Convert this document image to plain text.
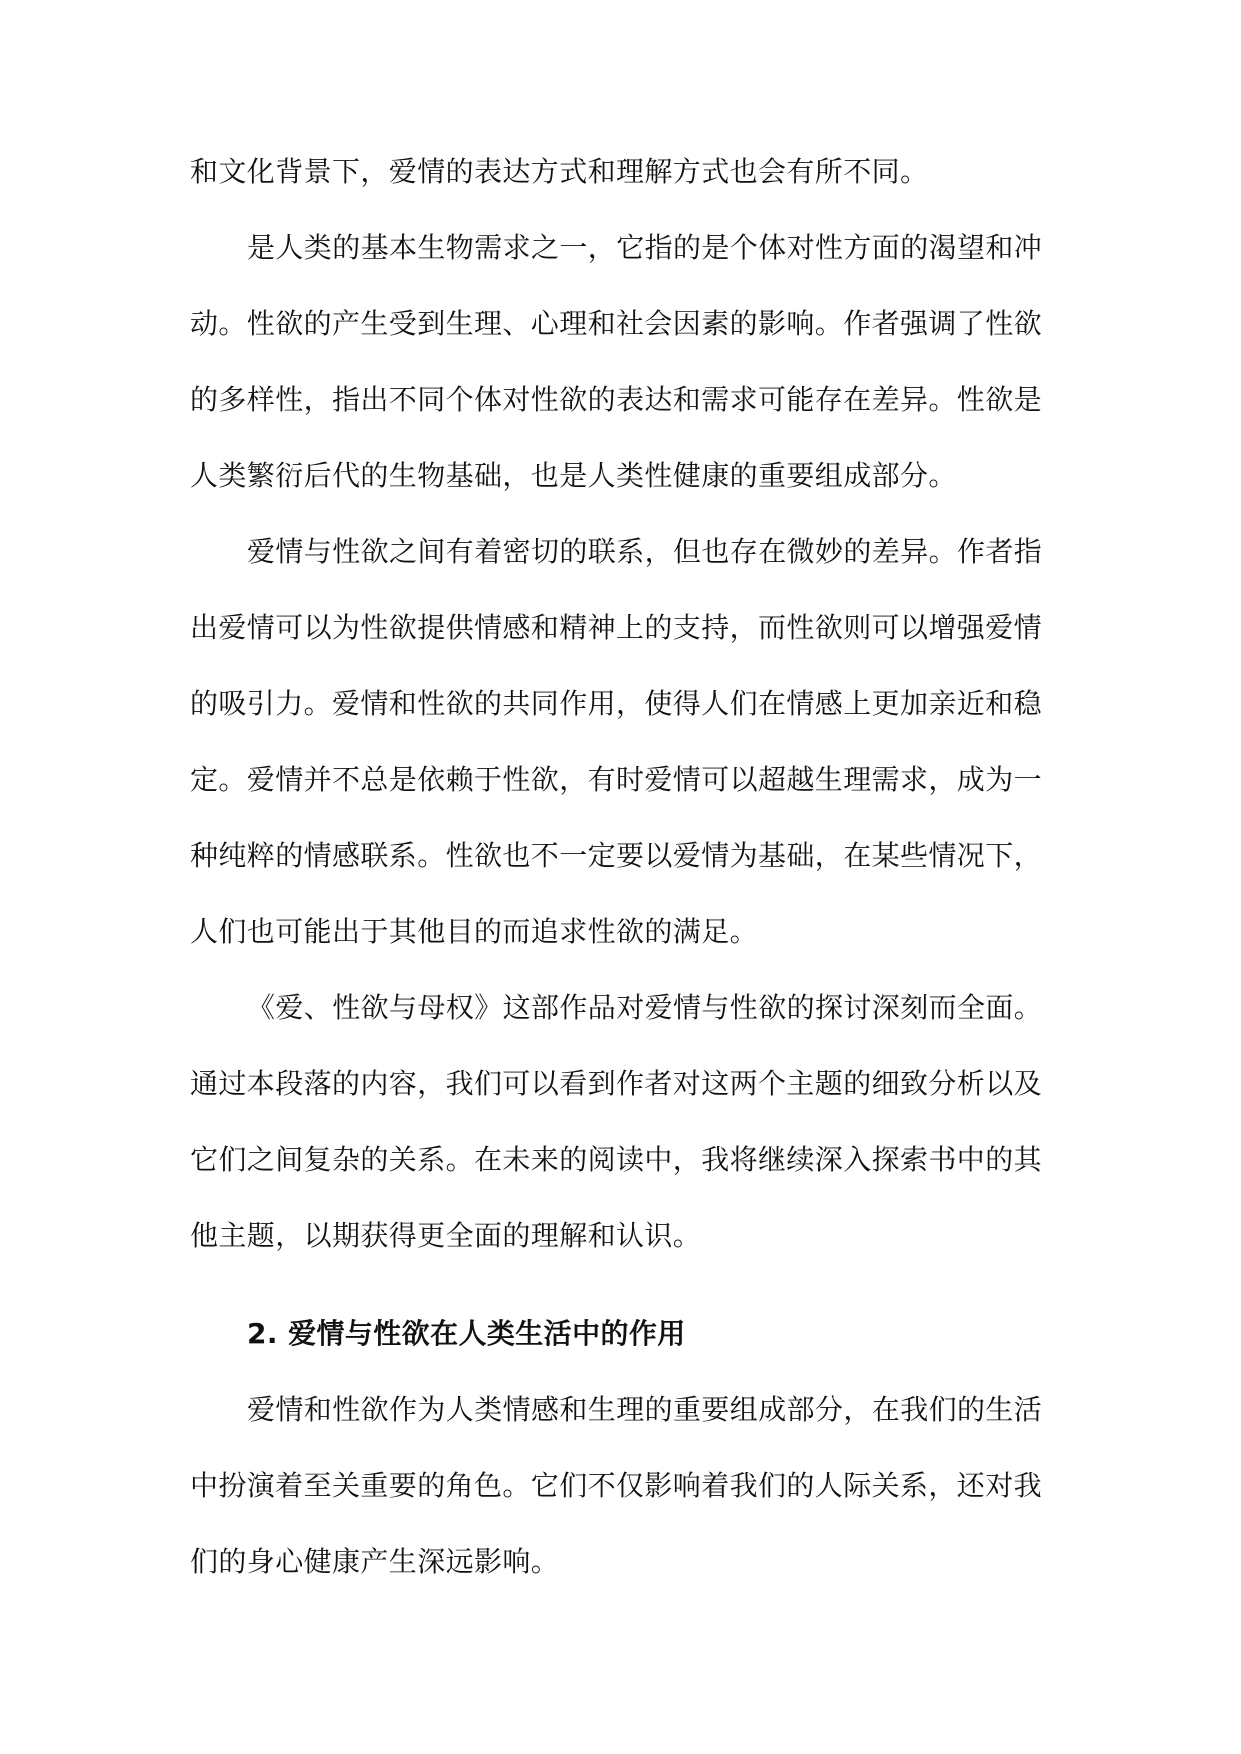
和文化背景下，爱情的表达方式和理解方式也会有所不同。
是人类的基本生物需求之一，它指的是个体对性方面的渴望和冲
动。性欲的产生受到生理、心理和社会因素的影响。作者强调了性欲
的多样性，指出不同个体对性欲的表达和需求可能存在差异。性欲是
人类繁衍后代的生物基础，也是人类性健康的重要组成部分。
爱情与性欲之间有着密切的联系，但也存在微妙的差异。作者指
出爱情可以为性欲提供情感和精神上的支持，而性欲则可以增强爱情
的吸引力。爱情和性欲的共同作用，使得人们在情感上更加亲近和稳
定。爱情并不总是依赖于性欲，有时爱情可以超越生理需求，成为一
种纯粹的情感联系。性欲也不一定要以爱情为基础，在某些情况下，
人们也可能出于其他目的而追求性欲的满足。
《爱、性欲与母权》这部作品对爱情与性欲的探讨深刻而全面。
通过本段落的内容，我们可以看到作者对这两个主题的细致分析以及
它们之间复杂的关系。在未来的阅读中，我将继续深入探索书中的其
他主题，以期获得更全面的理解和认识。
2. 爱情与性欲在人类生活中的作用
爱情和性欲作为人类情感和生理的重要组成部分，在我们的生活
中扮演着至关重要的角色。它们不仅影响着我们的人际关系，还对我
们的身心健康产生深远影响。
